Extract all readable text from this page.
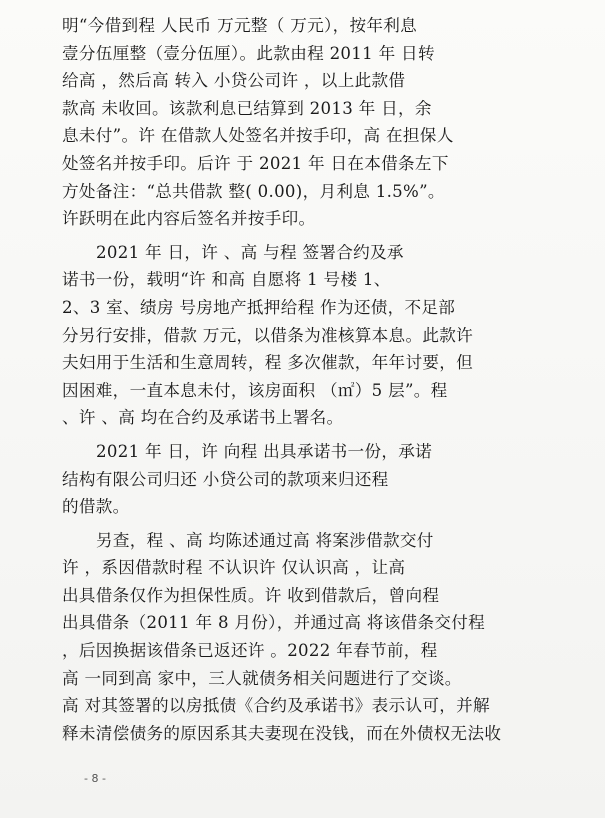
明“今借到程 人民币 万元整（ 万元），按年利息
壹分伍厘整（壹分伍厘）。此款由程 2011 年 日转
给高 ，然后高 转入 小贷公司许 ，以上此款借
款高 未收回。该款利息已结算到 2013 年 日，余
息未付”。许 在借款人处签名并按手印，高 在担保人
处签名并按手印。后许 于 2021 年 日在本借条左下
方处备注：“总共借款 整( 0.00)，月利息 1.5%”。
许跃明在此内容后签名并按手印。
2021 年 日，许 、高 与程 签署合约及承
诺书一份，载明“许 和高 自愿将 1 号楼 1、
2、3 室、绩房 号房地产抵押给程 作为还债，不足部
分另行安排，借款 万元，以借条为准核算本息。此款许
夫妇用于生活和生意周转，程 多次催款，年年讨要，但
因困难，一直本息未付，该房面积 （㎡）5 层”。程
、许 、高 均在合约及承诺书上署名。
2021 年 日，许 向程 出具承诺书一份，承诺
结构有限公司归还 小贷公司的款项来归还程
的借款。
另查，程 、高 均陈述通过高 将案涉借款交付
许 ，系因借款时程 不认识许 仅认识高 ，让高
出具借条仅作为担保性质。许 收到借款后，曾向程
出具借条（2011 年 8 月份），并通过高 将该借条交付程
，后因换据该借条已返还许 。2022 年春节前，程
高 一同到高 家中，三人就债务相关问题进行了交谈。
高 对其签署的以房抵债《合约及承诺书》表示认可，并解
释未清偿债务的原因系其夫妻现在没钱，而在外债权无法收
- 8 -
